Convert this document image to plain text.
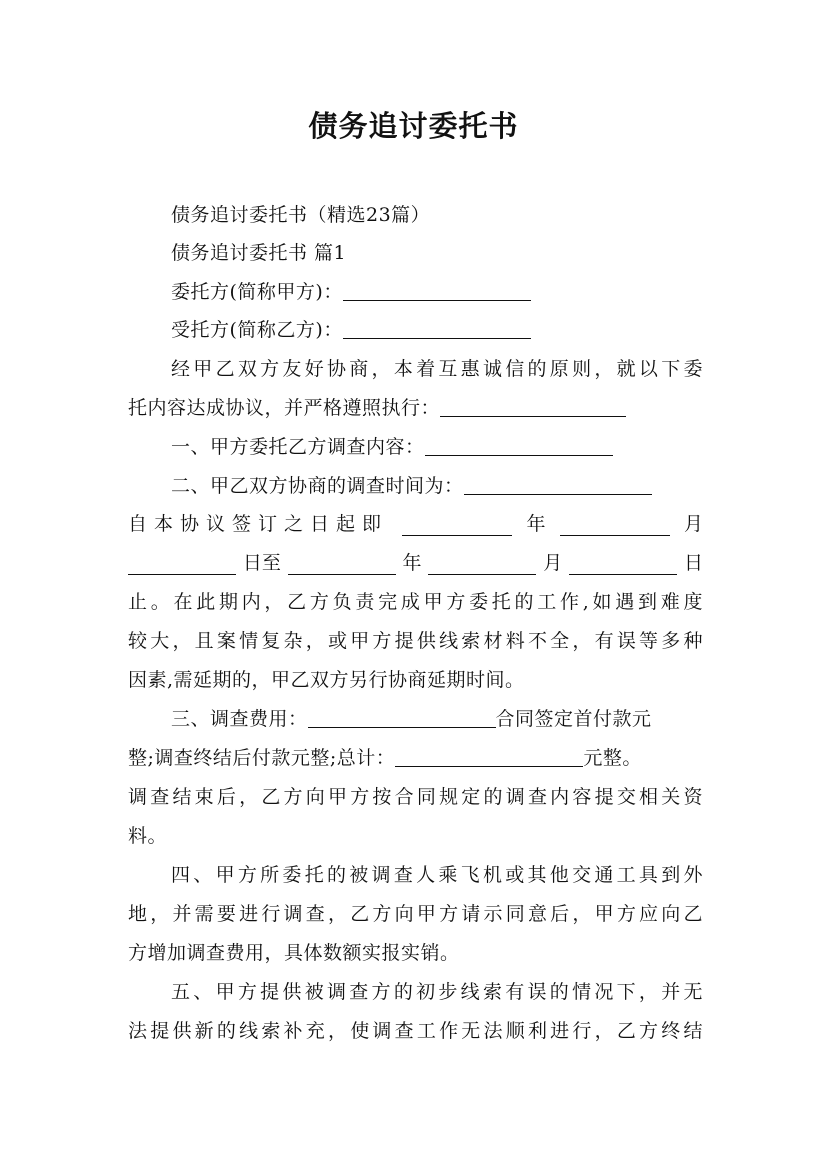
债务追讨委托书
债务追讨委托书（精选23篇）
债务追讨委托书 篇1
委托方(简称甲方)：
受托方(简称乙方)：
经甲乙双方友好协商，本着互惠诚信的原则，就以下委
托内容达成协议，并严格遵照执行：
一、甲方委托乙方调查内容：
二、甲乙双方协商的调查时间为：
自本协议签订之日起即	年	月
日至	年	月	日
止。在此期内，乙方负责完成甲方委托的工作,如遇到难度
较大，且案情复杂，或甲方提供线索材料不全，有误等多种
因素,需延期的，甲乙双方另行协商延期时间。
三、调查费用：	合同签定首付款元
整;调查终结后付款元整;总计：	元整。
调查结束后，乙方向甲方按合同规定的调查内容提交相关资
料。
四、甲方所委托的被调查人乘飞机或其他交通工具到外
地，并需要进行调查，乙方向甲方请示同意后，甲方应向乙
方增加调查费用，具体数额实报实销。
五、甲方提供被调查方的初步线索有误的情况下，并无
法提供新的线索补充，使调查工作无法顺利进行，乙方终结
